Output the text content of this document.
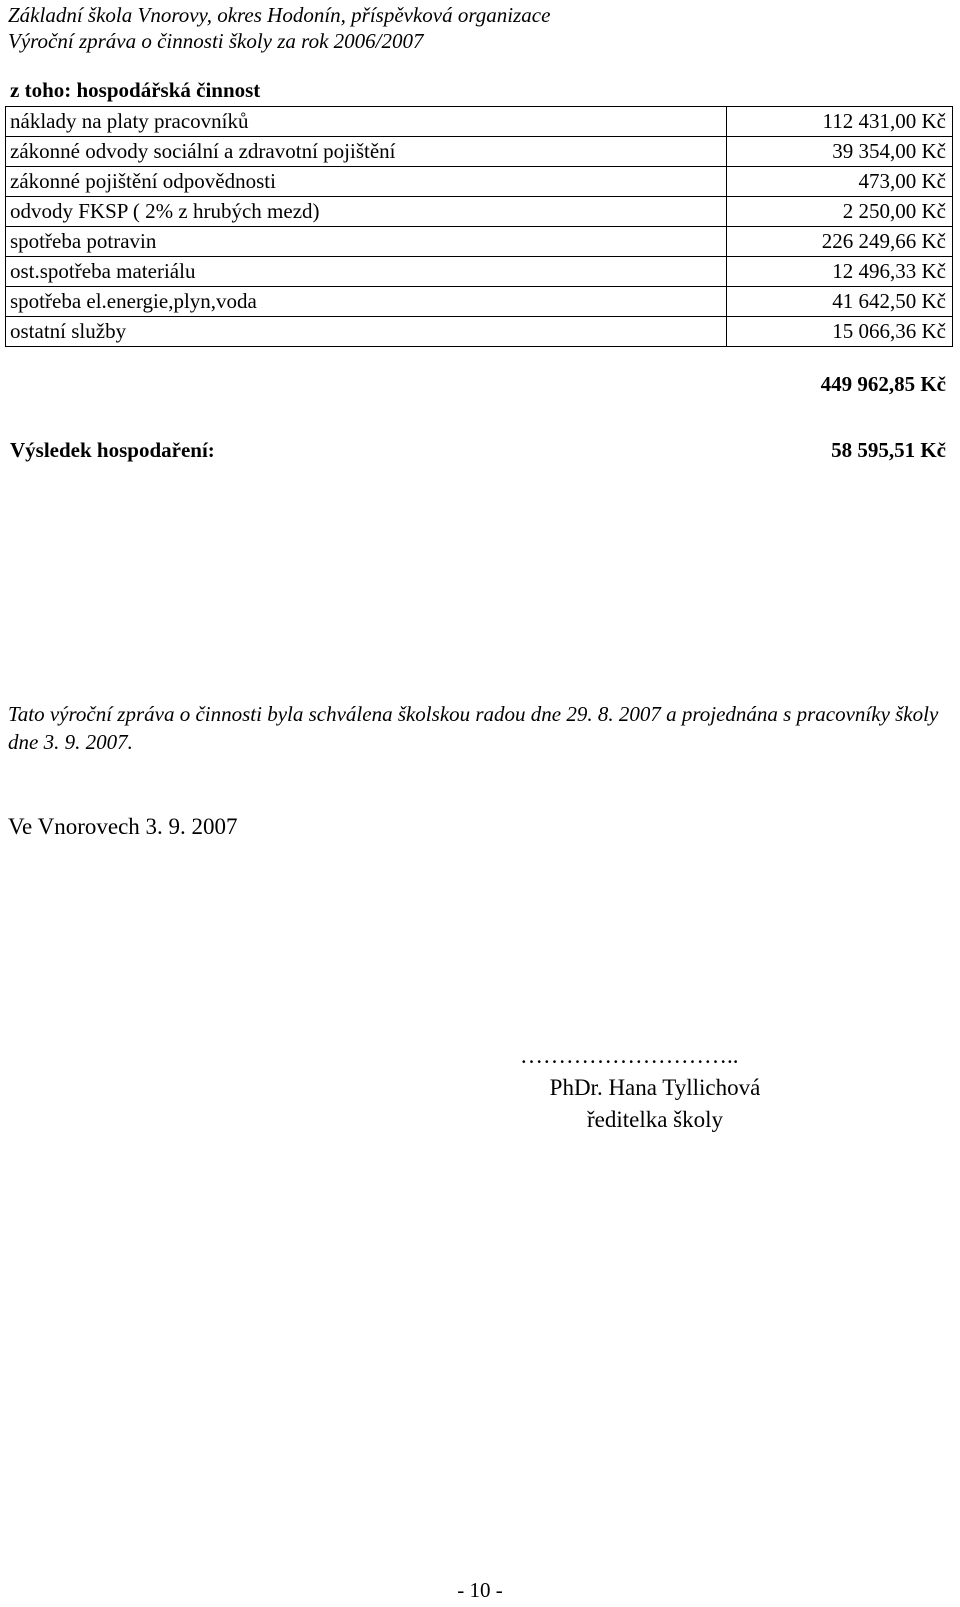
Základní škola Vnorovy, okres Hodonín, příspěvková organizace
Výroční zpráva o činnosti školy za rok 2006/2007
z toho: hospodářská činnost
náklady na platy pracovníků	112 431,00 Kč
zákonné odvody sociální a zdravotní pojištění	39 354,00 Kč
zákonné pojištění odpovědnosti	473,00 Kč
odvody FKSP ( 2% z hrubých mezd)	2 250,00 Kč
spotřeba potravin	226 249,66 Kč
ost.spotřeba materiálu	12 496,33 Kč
spotřeba el.energie,plyn,voda	41 642,50 Kč
ostatní služby	15 066,36 Kč
449 962,85 Kč
Výsledek hospodaření:	58 595,51 Kč
Tato výroční zpráva o činnosti byla schválena školskou radou dne 29. 8. 2007 a projednána s pracovníky školy dne 3. 9. 2007.
Ve Vnorovech 3. 9. 2007
………………………..
PhDr. Hana Tyllichová
ředitelka školy
- 10 -
